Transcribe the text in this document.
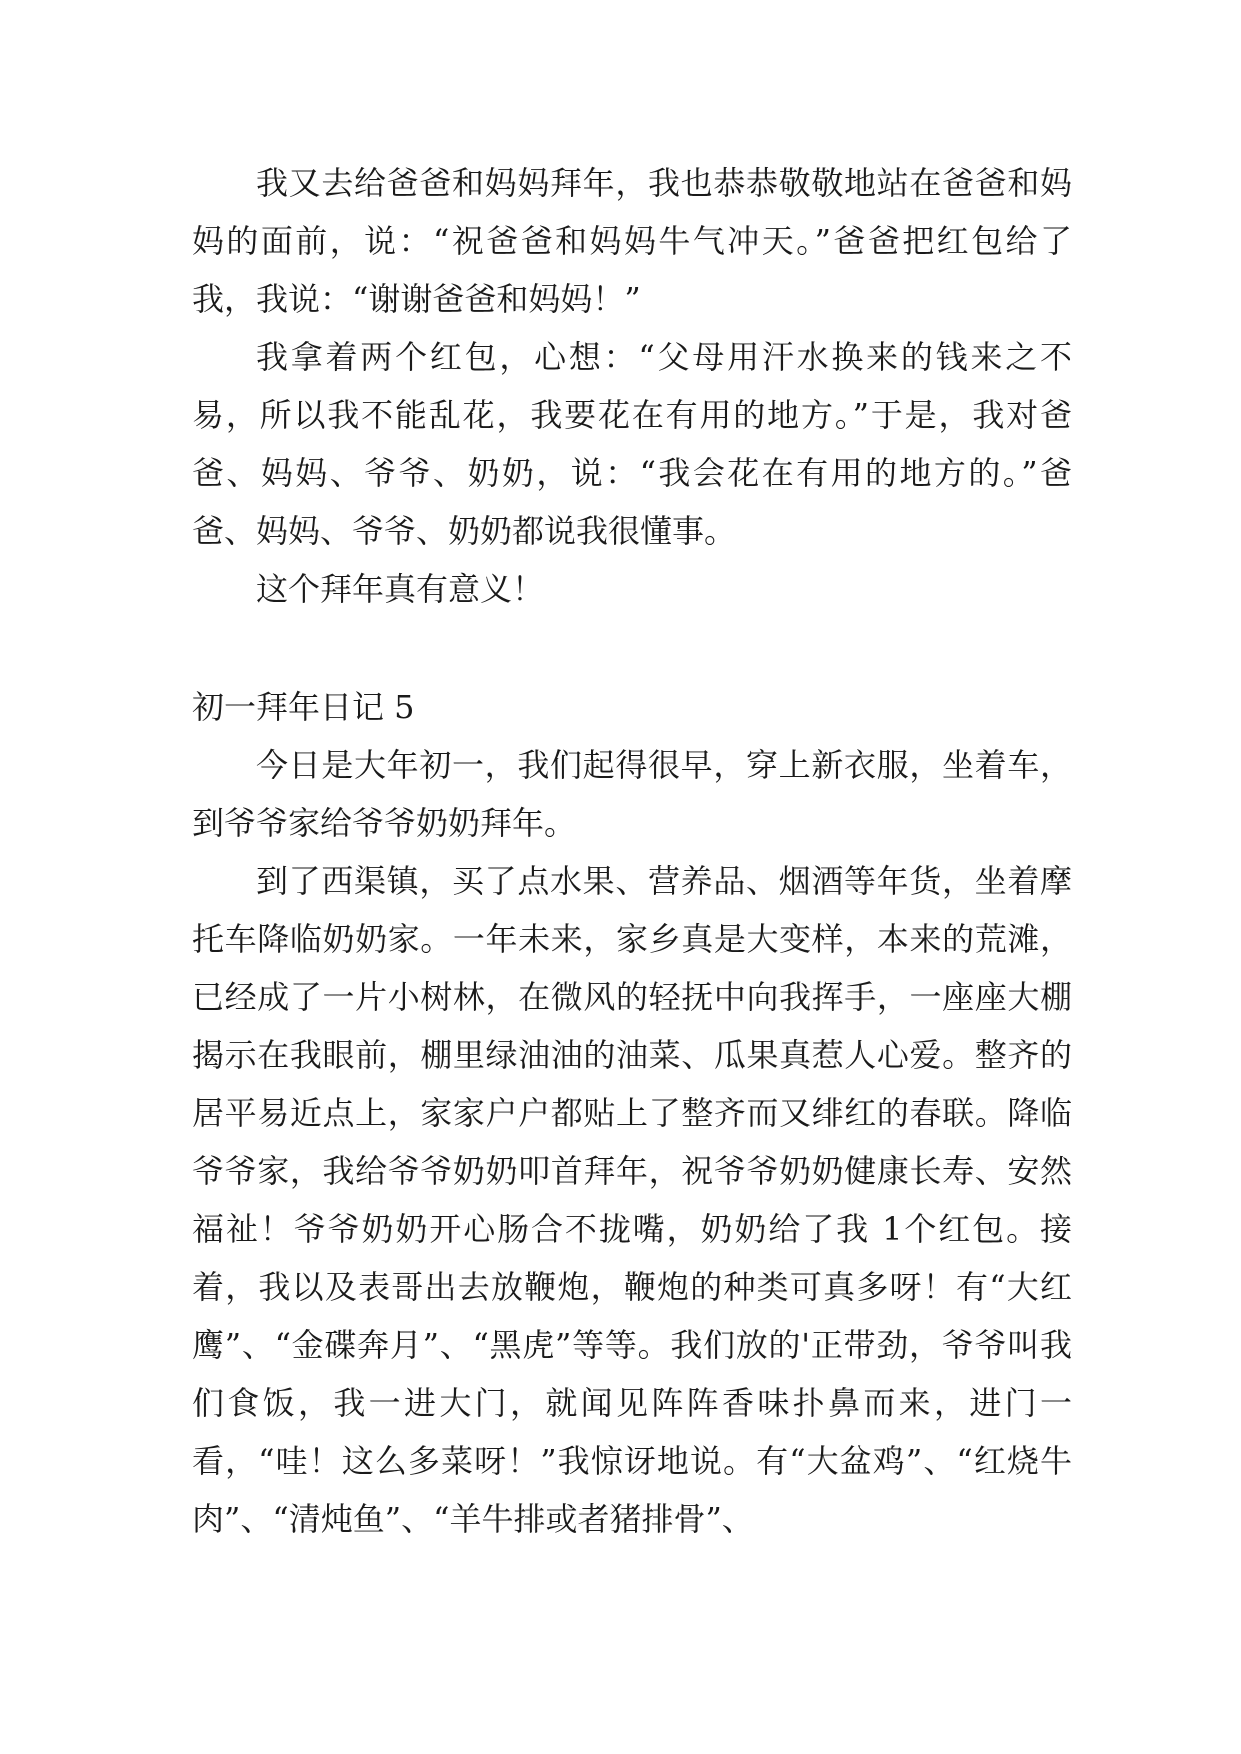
我又去给爸爸和妈妈拜年，我也恭恭敬敬地站在爸爸和妈妈的面前，说：“祝爸爸和妈妈牛气冲天。”爸爸把红包给了我，我说：“谢谢爸爸和妈妈！”

我拿着两个红包，心想：“父母用汗水换来的钱来之不易，所以我不能乱花，我要花在有用的地方。”于是，我对爸爸、妈妈、爷爷、奶奶，说：“我会花在有用的地方的。”爸爸、妈妈、爷爷、奶奶都说我很懂事。

这个拜年真有意义！

初一拜年日记 5

今日是大年初一，我们起得很早，穿上新衣服，坐着车，到爷爷家给爷爷奶奶拜年。

到了西渠镇，买了点水果、营养品、烟酒等年货，坐着摩托车降临奶奶家。一年未来，家乡真是大变样，本来的荒滩，已经成了一片小树林，在微风的轻抚中向我挥手，一座座大棚揭示在我眼前，棚里绿油油的油菜、瓜果真惹人心爱。整齐的居平易近点上，家家户户都贴上了整齐而又绯红的春联。降临爷爷家，我给爷爷奶奶叩首拜年，祝爷爷奶奶健康长寿、安然福祉！爷爷奶奶开心肠合不拢嘴，奶奶给了我 1个红包。接着，我以及表哥出去放鞭炮，鞭炮的种类可真多呀！有“大红鹰”、“金碟奔月”、“黑虎”等等。我们放的'正带劲，爷爷叫我们食饭，我一进大门，就闻见阵阵香味扑鼻而来，进门一看，“哇！这么多菜呀！”我惊讶地说。有“大盆鸡”、“红烧牛肉”、“清炖鱼”、“羊牛排或者猪排骨”、
